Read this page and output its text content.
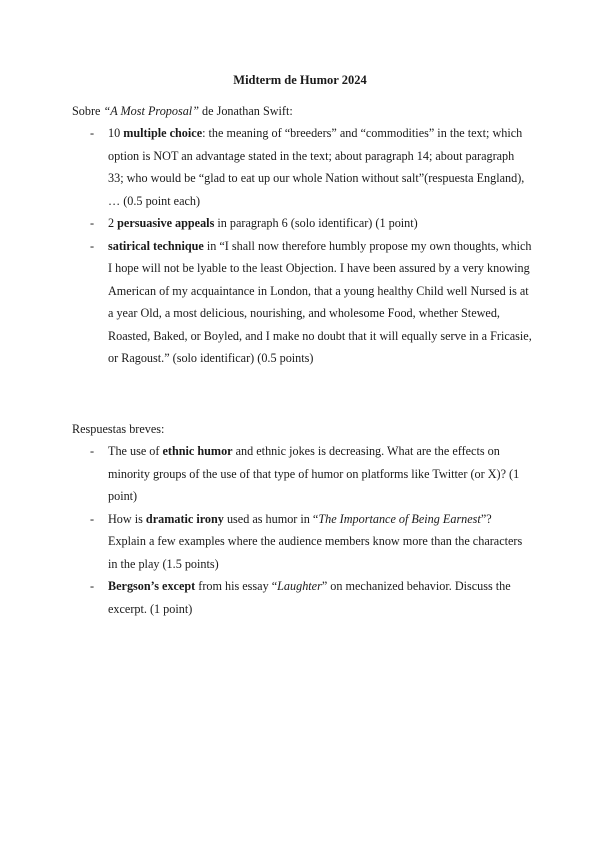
Midterm de Humor 2024
Sobre “A Most Proposal” de Jonathan Swift:
- 10 multiple choice: the meaning of “breeders” and “commodities” in the text; which option is NOT an advantage stated in the text; about paragraph 14; about paragraph 33; who would be “glad to eat up our whole Nation without salt”(respuesta England), … (0.5 point each)
- 2 persuasive appeals in paragraph 6 (solo identificar) (1 point)
- satirical technique in “I shall now therefore humbly propose my own thoughts, which I hope will not be lyable to the least Objection. I have been assured by a very knowing American of my acquaintance in London, that a young healthy Child well Nursed is at a year Old, a most delicious, nourishing, and wholesome Food, whether Stewed, Roasted, Baked, or Boyled, and I make no doubt that it will equally serve in a Fricasie, or Ragoust.” (solo identificar) (0.5 points)
Respuestas breves:
- The use of ethnic humor and ethnic jokes is decreasing. What are the effects on minority groups of the use of that type of humor on platforms like Twitter (or X)? (1 point)
- How is dramatic irony used as humor in “The Importance of Being Earnest”? Explain a few examples where the audience members know more than the characters in the play (1.5 points)
- Bergson’s except from his essay “Laughter” on mechanized behavior. Discuss the excerpt. (1 point)
